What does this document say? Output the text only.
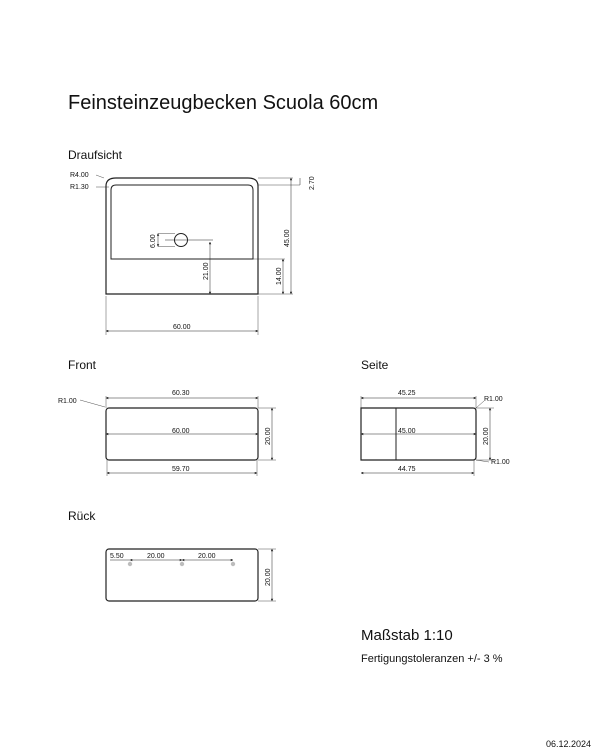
Feinsteinzeugbecken Scuola 60cm
Draufsicht
Front	Seite
Rück
Maßstab 1:10
Fertigungstoleranzen +/- 3 %
06.12.2024
R4.00
R1.30	2.70
45.00
6.00
21.00	14.00
60.00
60.30
R1.00
60.00	20.00
59.70
45.25
R1.00
45.00	20.00
R1.00
44.75
5.50	20.00	20.00
20.00
